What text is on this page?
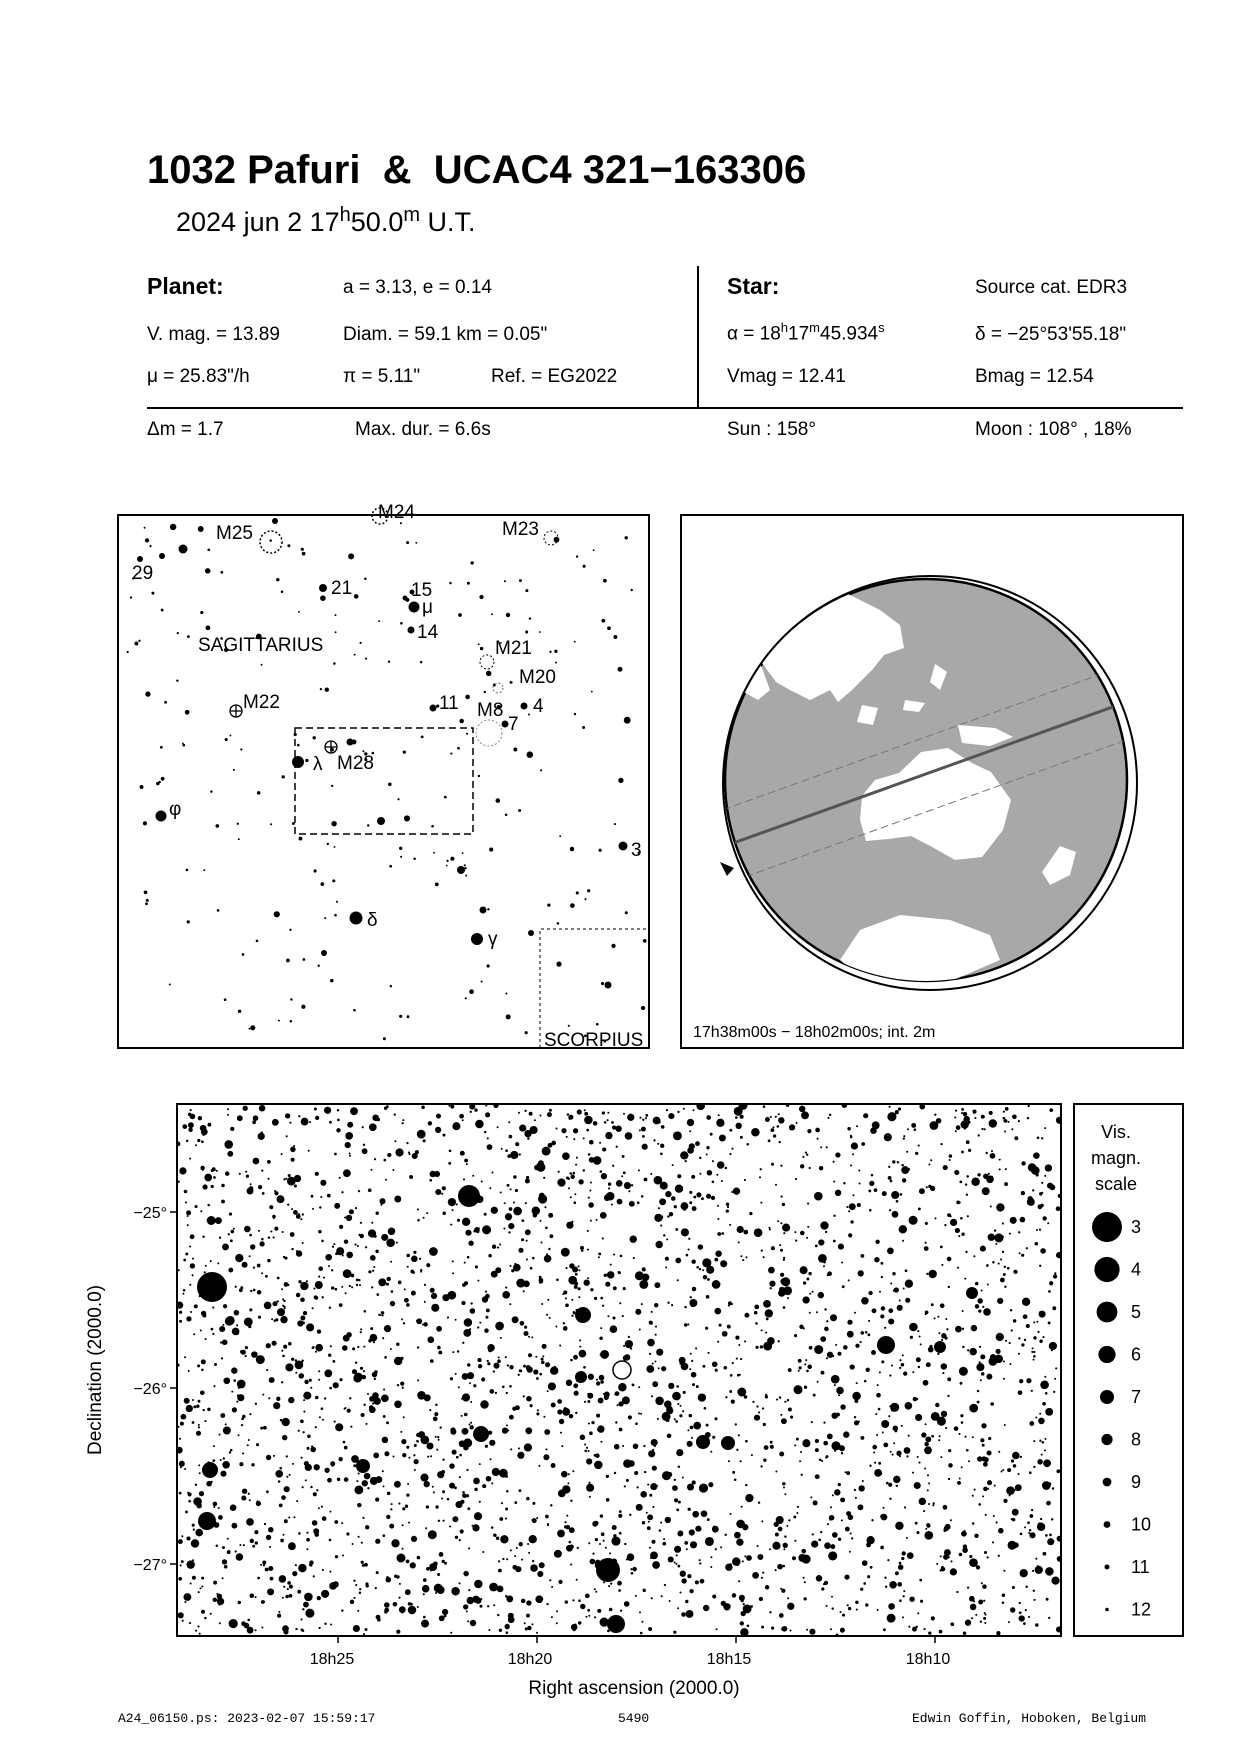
1032 Pafuri  &  UCAC4 321−163306
2024 jun 2 17$^h$50.0$^m$ U.T.
Planet:	a = 3.13, e = 0.14
V. mag. = 13.89	Diam. = 59.1 km = 0.05"
μ = 25.83"/h	π = 5.11"	Ref. = EG2022
Star:	Source cat. EDR3
$\alpha = 18^h17^m45.934^s$	δ = −25°53'55.18"
Vmag = 12.41	Bmag = 12.54
Δm = 1.7	Max. dur. = 6.6s	Sun : 158°	Moon : 108° , 18%
M25
M24
M23
29
21	15
μ
14
SAGITTARIUS	M21
M20
M22	11 M8 4
7
λ M28
φ
3
δ
γ
SCORPIUS	17h38m00s − 18h02m00s; int. 2m
−25°
−26°
−27°
18h25	18h20	18h15	18h10
Right ascension (2000.0)
Declination (2000.0)
Vis.
magn.
scale
3
4
5
6
7
8
9
10
11
12
A24_06150.ps: 2023-02-07 15:59:17	5490	Edwin Goffin, Hoboken, Belgium
